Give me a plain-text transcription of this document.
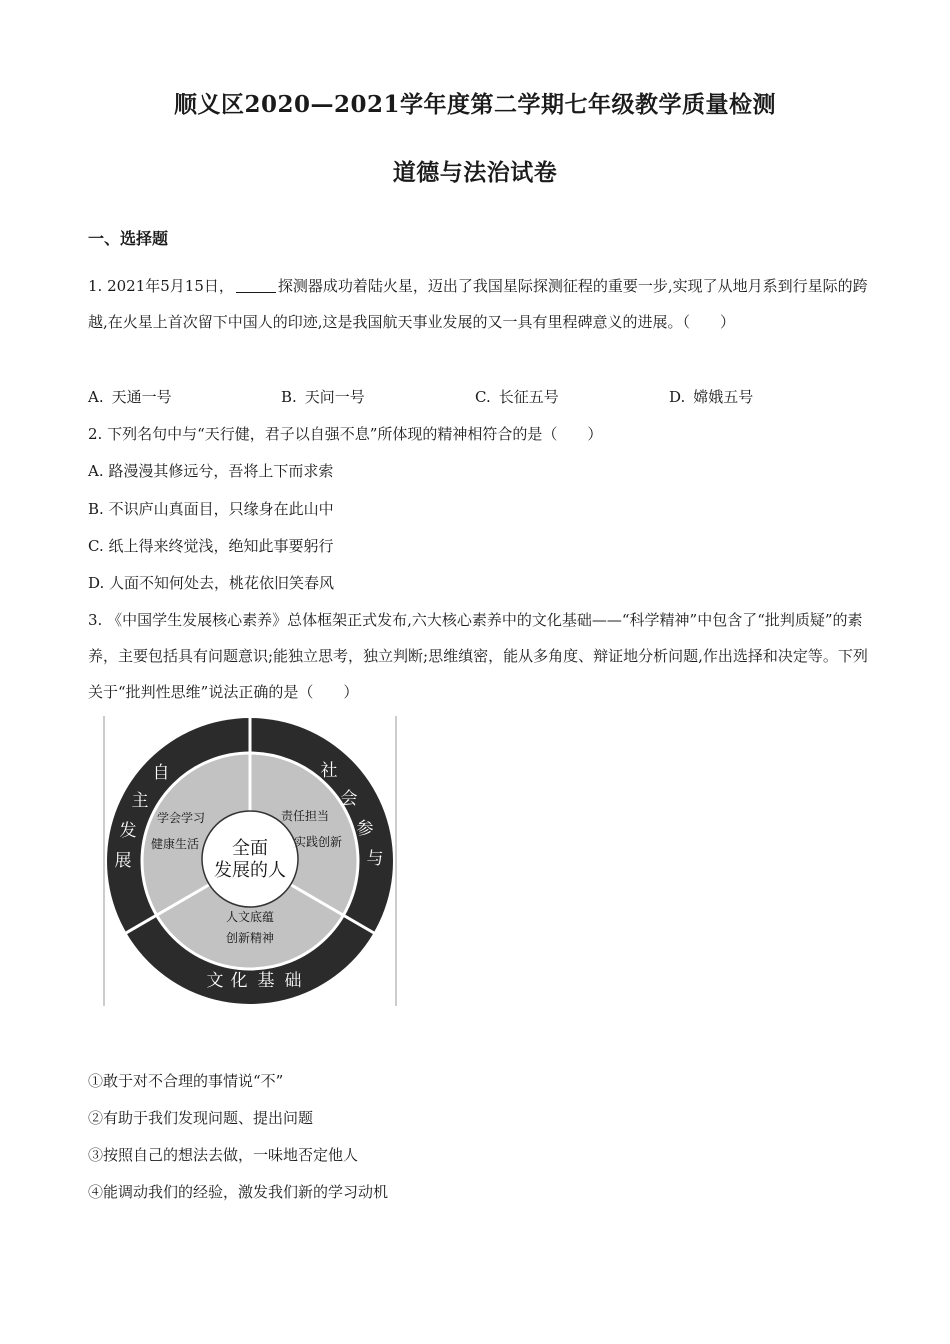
顺义区2020—2021学年度第二学期七年级教学质量检测
道德与法治试卷
一、选择题
1. 2021年5月15日，	探测器成功着陆火星，迈出了我国星际探测征程的重要一步,实现了从地月系到行星际的跨越,在火星上首次留下中国人的印迹,这是我国航天事业发展的又一具有里程碑意义的进展。（　　）
A. 天通一号	B. 天问一号	C. 长征五号	D. 嫦娥五号
2. 下列名句中与“天行健，君子以自强不息”所体现的精神相符合的是（　　）
A. 路漫漫其修远兮，吾将上下而求索
B. 不识庐山真面目，只缘身在此山中
C. 纸上得来终觉浅，绝知此事要躬行
D. 人面不知何处去，桃花依旧笑春风
3. 《中国学生发展核心素养》总体框架正式发布,六大核心素养中的文化基础——“科学精神”中包含了“批判质疑”的素养，主要包括具有问题意识;能独立思考，独立判断;思维缜密，能从多角度、辩证地分析问题,作出选择和决定等。下列关于“批判性思维”说法正确的是（　　）
全面
发展的人
学会学习
健康生活
责任担当
实践创新
人文底蕴
创新精神
自
主
发
展
社
会
参
与
文 化 基 础
①敢于对不合理的事情说“不”
②有助于我们发现问题、提出问题
③按照自己的想法去做，一味地否定他人
④能调动我们的经验，激发我们新的学习动机
